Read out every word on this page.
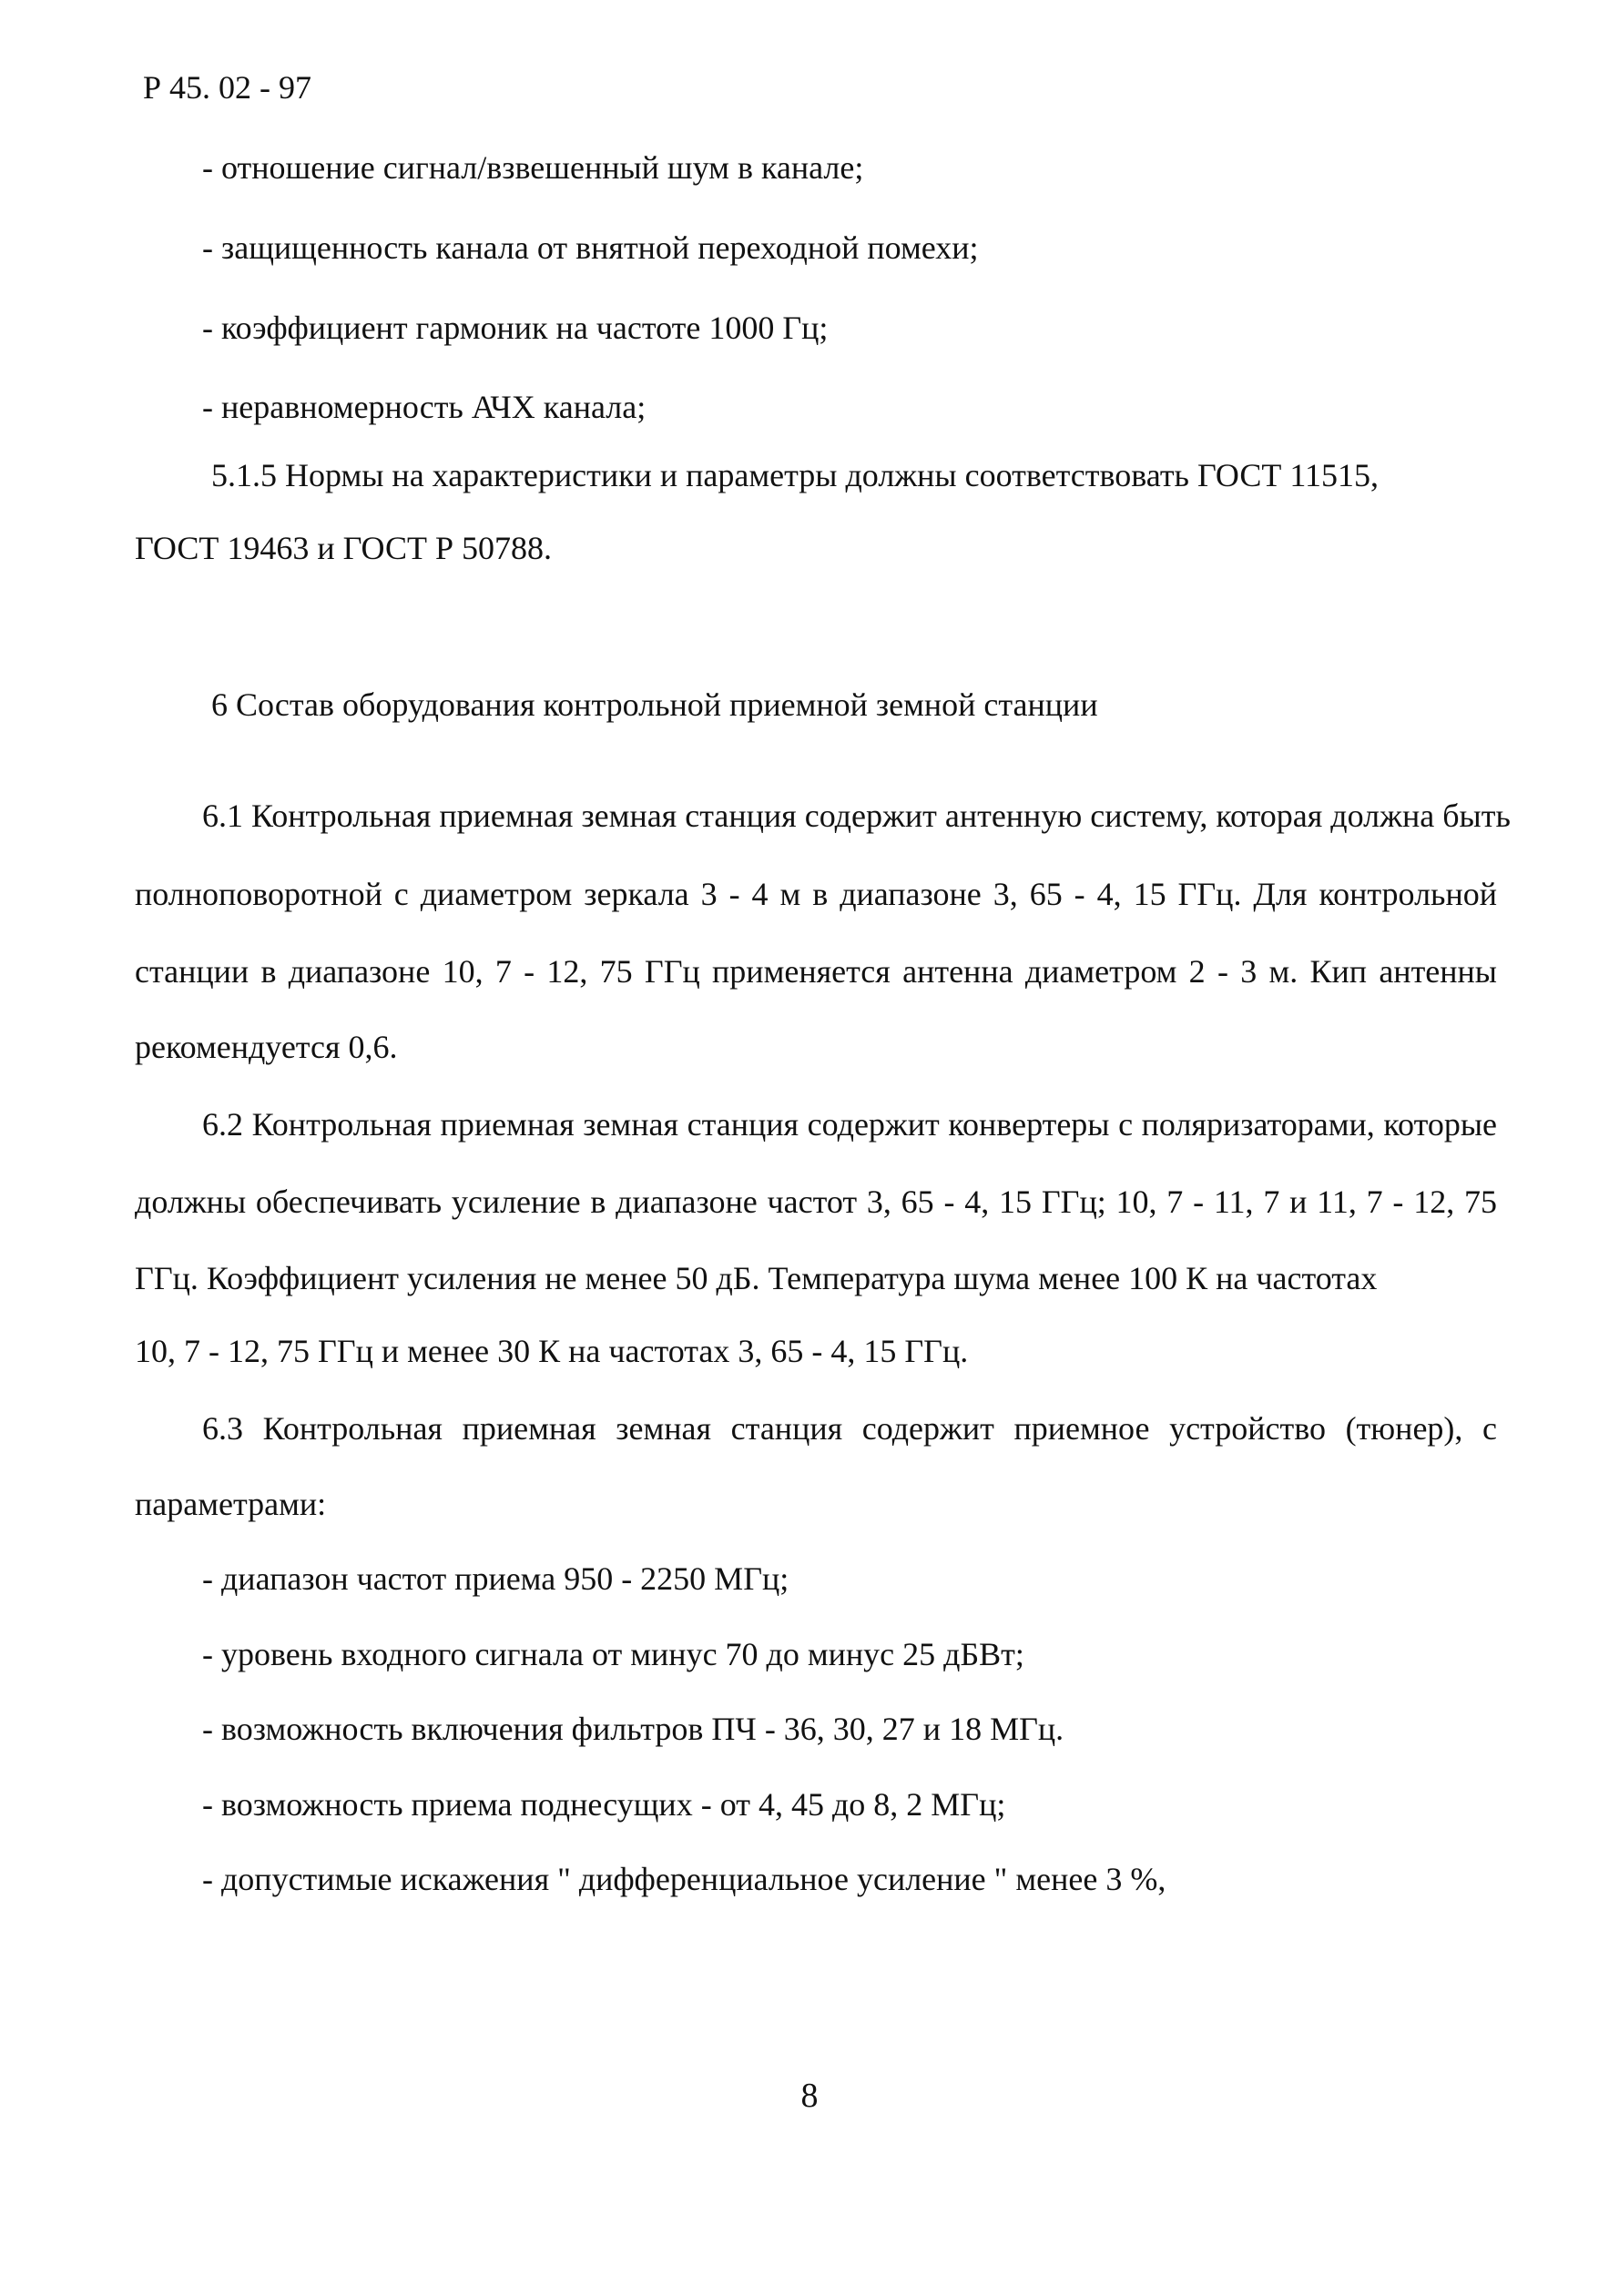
Р 45. 02 - 97
- отношение сигнал/взвешенный шум в канале;
- защищенность канала от внятной переходной помехи;
- коэффициент гармоник на частоте 1000 Гц;
- неравномерность АЧХ канала;
5.1.5 Нормы на характеристики и параметры должны соответствовать ГОСТ 11515,
ГОСТ 19463 и ГОСТ Р 50788.
6 Состав оборудования контрольной приемной земной станции
6.1 Контрольная приемная земная станция содержит антенную систему, которая должна быть
полноповоротной с диаметром зеркала 3 - 4 м в диапазоне 3, 65 - 4, 15 ГГц. Для контрольной
станции в диапазоне 10, 7 - 12, 75 ГГц применяется антенна диаметром 2 - 3 м. Кип антенны
рекомендуется 0,6.
6.2 Контрольная приемная земная станция содержит конвертеры с поляризаторами, которые
должны обеспечивать усиление в диапазоне частот 3, 65 - 4, 15 ГГц; 10, 7 - 11, 7 и 11, 7 - 12, 75
ГГц. Коэффициент усиления не менее 50 дБ. Температура шума менее 100 К на частотах
10, 7 - 12, 75 ГГц и менее 30 К на частотах 3, 65 - 4, 15 ГГц.
6.3 Контрольная приемная земная станция содержит приемное устройство (тюнер), с
параметрами:
- диапазон частот приема 950 - 2250 МГц;
- уровень входного сигнала от минус 70 до минус 25 дБВт;
- возможность включения фильтров ПЧ - 36, 30, 27 и 18 МГц.
- возможность приема поднесущих - от 4, 45 до 8, 2 МГц;
- допустимые искажения " дифференциальное усиление " менее 3 %,
8
